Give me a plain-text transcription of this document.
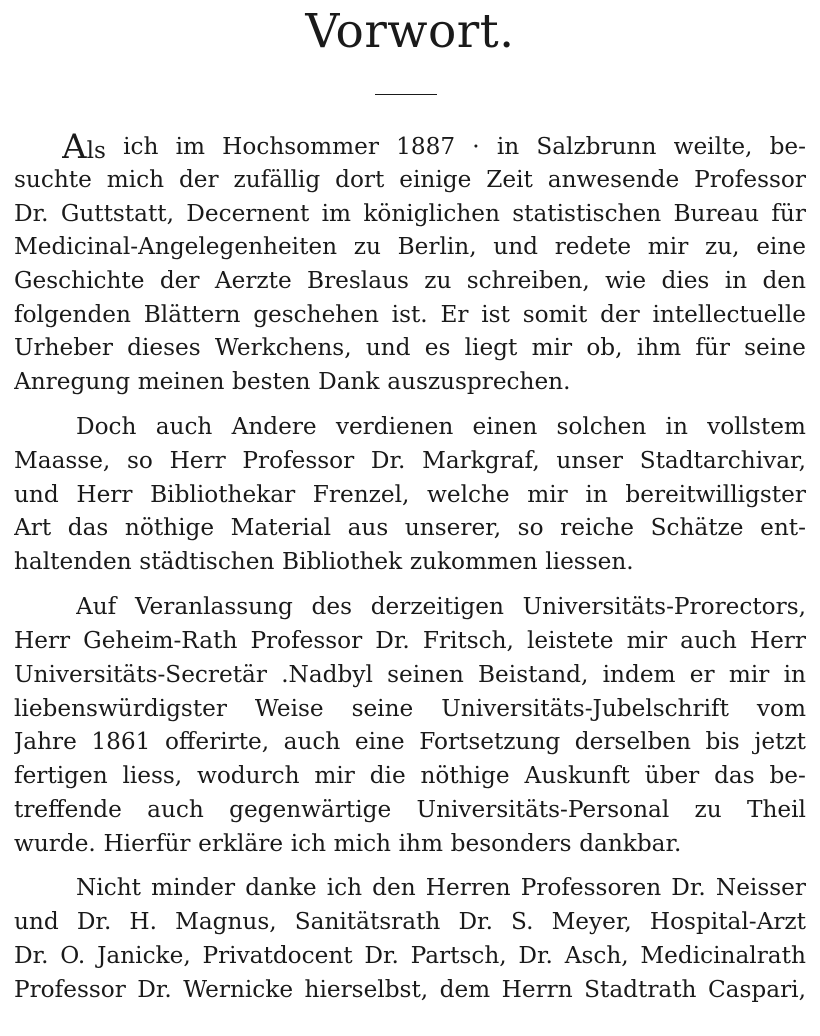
Vorwort.
Als ich im Hochsommer 1887 · in Salzbrunn weilte, be-
suchte mich der zufällig dort einige Zeit anwesende Professor
Dr. Guttstatt, Decernent im königlichen statistischen Bureau für
Medicinal-Angelegenheiten zu Berlin, und redete mir zu, eine
Geschichte der Aerzte Breslaus zu schreiben, wie dies in den
folgenden Blättern geschehen ist. Er ist somit der intellectuelle
Urheber dieses Werkchens, und es liegt mir ob, ihm für seine
Anregung meinen besten Dank auszusprechen.
Doch auch Andere verdienen einen solchen in vollstem
Maasse, so Herr Professor Dr. Markgraf, unser Stadtarchivar,
und Herr Bibliothekar Frenzel, welche mir in bereitwilligster
Art das nöthige Material aus unserer, so reiche Schätze ent-
haltenden städtischen Bibliothek zukommen liessen.
Auf Veranlassung des derzeitigen Universitäts-Prorectors,
Herr Geheim-Rath Professor Dr. Fritsch, leistete mir auch Herr
Universitäts-Secretär .Nadbyl seinen Beistand, indem er mir in
liebenswürdigster Weise seine Universitäts-Jubelschrift vom
Jahre 1861 offerirte, auch eine Fortsetzung derselben bis jetzt
fertigen liess, wodurch mir die nöthige Auskunft über das be-
treffende auch gegenwärtige Universitäts-Personal zu Theil
wurde. Hierfür erkläre ich mich ihm besonders dankbar.
Nicht minder danke ich den Herren Professoren Dr. Neisser
und Dr. H. Magnus, Sanitätsrath Dr. S. Meyer, Hospital-Arzt
Dr. O. Janicke, Privatdocent Dr. Partsch, Dr. Asch, Medicinalrath
Professor Dr. Wernicke hierselbst, dem Herrn Stadtrath Caspari,
